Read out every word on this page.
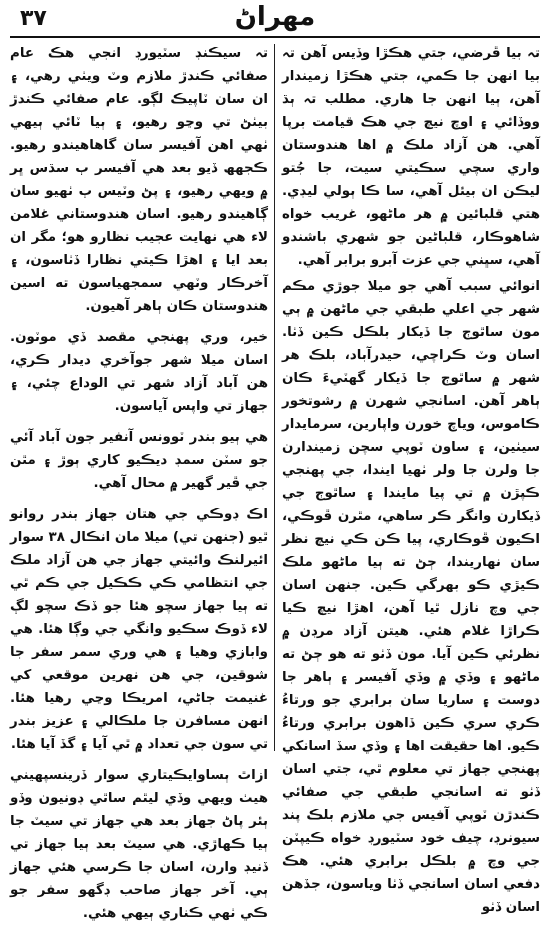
٣٧	مھراڻ

تہ بيا ڦرضي، جتي هڪڙا وڏيس آهن تہ بيا انهن جا ڪمي، جتي هڪڙا زميندار آهن، ٻيا انهن جا هاري. مطلب تہ ٻڌ ووڏائي ۽ اوچ نيچ جي هڪ قيامت برپا آهي. هن آزاد ملڪ ۾ اها هندوستان واري سچي سڪيتي سيت، جا جُتو ليڪن ان بيئل آهي، سا ڪا ٻولي ليڊي. هتي قلبائين ۾ هر ماڻهو، غريب خواه شاهوڪار، قلباڻين جو شهري باشندو آهي، سڀني جي عزت آبرو برابر آهي.

انوائي سبب آهي جو ميلا جوڙي مڪم شهر جي اعلي طبقي جي ماڻهن ۾ ٻي مون ساٿوڄ جا ڏيکار بلڪل ڪين ڏٺا. اسان وٽ ڪراچي، حيدرآباد، بلڪ هر شهر ۾ ساٿوڄ جا ڏيکار گهٽيءَ ڪان ٻاهر آهن. اسانجي شهرن ۾ رشوتخور ڪاموس، وياچ خورن واپارين، سرمايدار سيٺين، ۽ ساون ٽوپي سچن زميندارن جا ولرن جا ولر ٺهيا ايندا، جي پهنجي ڪپڙن ۾ تي پيا مايندا ۽ ساٿوڄ جي ڏيکارن وانگر ڪر ساهي، مٿرن ڦوڪي، اڪيون ڦوڪاري، پيا ڪن ڪي نيچ نظر سان نهاريندا، ڄڻ ته ٻيا ماڻهو ملڪ ڪيڙي ڪو بهرگي ڪين. جنهن اسان جي وچ نازل ٿيا آهن، اهڙا نيچ ڪيا ڪراڙا غلام هئي. هيتن آزاد مرڊن ۾ نظرئي ڪين آيا. مون ڏٺو ته هو ڄڻ ته ماڻهو ۽ وڏي ۾ وڏي آفيسر ۽ ٻاهر جا دوست ۽ ساريا سان برابري جو ورتاءُ ڪري سري ڪين ڏاهون برابري ورتاءُ ڪيو. اها حقيقت اها ۽ وڏي سڏ اسانکي پهنجي جهاز تي معلوم ٿي، جتي اسان ڏٺو ته اسانجي طبقي جي صفائي ڪندڙن ٽوپي آفيس جي ملازم بلڪ پند سيونرڊ، چيف خود سٽيورڊ خواه ڪيپٽن جي وچ ۾ بلڪل برابري هئي. هڪ دفعي اسان اسانجي ڏٺا وياسون، جڏهن اسان ڏٺو

تہ سيڪنڊ سٽيورڊ انجي هڪ عام صفائي ڪندڙ ملازم وٽ ويٺي رهي، ۽ ان سان ٽاپيڪ لڳو. عام صفائي ڪندڙ بيٺڻ تي وڃو رهيو، ۽ ٻيا ٽائي ٻيهي ٺهي اهن آفيسر سان گاھاھيندو رهيو. ڪجهھ ڏيو بعد هي آفيسر ٻ سڌس ڀر ۾ ويهي رهيو، ۽ پڻ وٽيس ٻ ٺهيو سان ڳاھيندو رهيو. اسان هندوستاني غلامن لاء هي نهايت عجيب نظارو هو؛ مگر ان بعد ايا ۽ اهڙا ڪيتي نظارا ڏٺاسون، ۽ آخرڪار وٽهي سمجهياسون ته اسين هندوستان ڪان ٻاهر آهيون.

خير، وري پهنجي مقصد ڏي موٽون. اسان ميلا شهر جوآخري ديدار ڪري، هن آباد آزاد شهر تي الوداع چئي، ۽ جهاز تي واپس آياسون.

هي ٻيو بندر ٽوونس آنفير جون آباد آئي جو سٽن سمڊ ديڪيو کاري ٻوڙ ۽ مٿن جي ڦير گهير ۾ محال آهي.

اڪ ڊوڪي جي هتان جهاز بندر روانو ٿيو (جنهن تي) ميلا مان انڪال ٣٨ سوار ائيرلنڪ وائيتي جهاز جي هن آزاد ملڪ جي انتظامي ڪي ڪڪيل جي ڪم ٿي ته ٻيا جهاز سچو هئا جو ڏڪ سچو لڳ لاء ڏوڪ سڪيو وانگي جي وڳا هئا. هي وابازي وهيا ۽ هي وري سمر سفر جا شوقين، جي هن نهرين موقعي کي غنيمت جاڻي، امريڪا وڃي رهيا هئا. انهن مسافرن جا ملڪالي ۽ عزيز بندر تي سون جي تعداد ۾ ٿي آيا ۽ گڏ آيا هئا.

ازاٿ ٻساوايڪيتاري سوار ڏرينسپهيني هيٺ ويهي وڏي ليٿم ساٿي ڊونيون وڏو ٻئر پاڻ جهاز بعد هي جهاز تي سيٽ جا ٻيا ڪهاڙي. هي سيٽ بعد ٻيا جهاز تي ڏنيڊ وارن، اسان جا ڪرسي هئي جهاز ٻي. آخر جهاز صاحب ڊگھو سفر جو ڪي ٺهي ڪناري ٻيهي هئي.
